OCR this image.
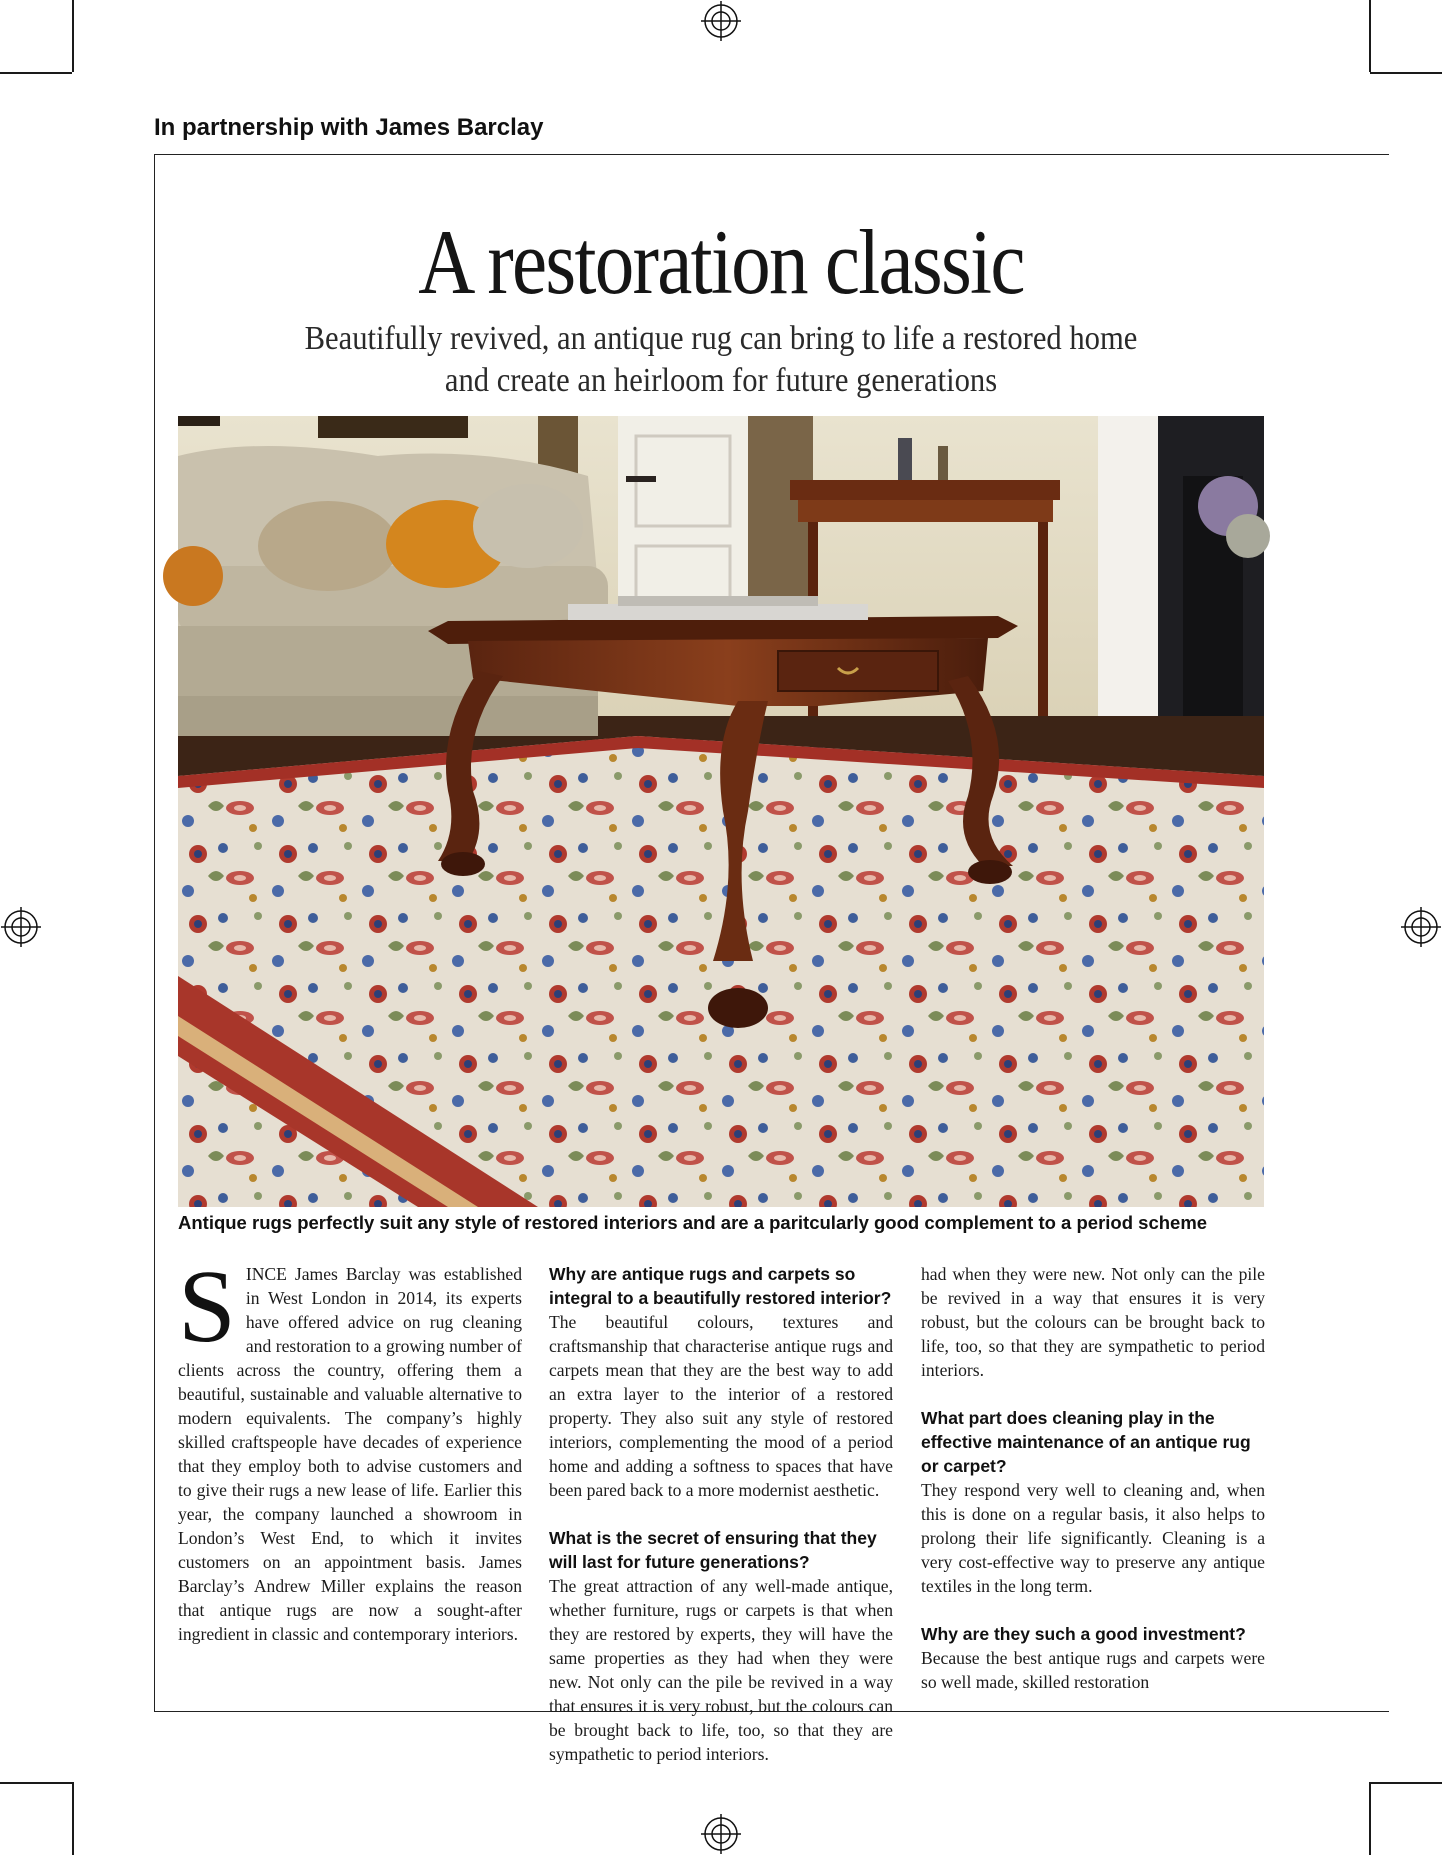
In partnership with James Barclay
A restoration classic
Beautifully revived, an antique rug can bring to life a restored home
and create an heirloom for future generations
Antique rugs perfectly suit any style of restored interiors and are a paritcularly good complement to a period scheme

SINCE James Barclay was established in West London in 2014, its experts have offered advice on rug cleaning and restoration to a growing number of clients across the country, offering them a beautiful, sustainable and valuable alternative to modern equivalents. The company’s highly skilled craftspeople have decades of experience that they employ both to advise customers and to give their rugs a new lease of life. Earlier this year, the company launched a showroom in London’s West End, to which it invites customers on an appointment basis. James Barclay’s Andrew Miller explains the reason that antique rugs are now a sought-after ingredient in classic and contemporary interiors.

Why are antique rugs and carpets so integral to a beautifully restored interior?

The beautiful colours, textures and craftsmanship that characterise antique rugs and carpets mean that they are the best way to add an extra layer to the interior of a restored property. They also suit any style of restored interiors, complementing the mood of a period home and adding a softness to spaces that have been pared back to a more modernist aesthetic.

What is the secret of ensuring that they will last for future generations?

The great attraction of any well-made antique, whether furniture, rugs or carpets is that when they are restored by experts, they will have the same properties as they had when they were new. Not only can the pile be revived in a way that ensures it is very robust, but the colours can be brought back to life, too, so that they are sympathetic to period interiors.

had when they were new. Not only can the pile be revived in a way that ensures it is very robust, but the colours can be brought back to life, too, so that they are sympathetic to period interiors.

What part does cleaning play in the effective maintenance of an antique rug or carpet?

They respond very well to cleaning and, when this is done on a regular basis, it also helps to prolong their life significantly. Cleaning is a very cost-effective way to preserve any antique textiles in the long term.

Why are they such a good investment?

Because the best antique rugs and carpets were so well made, skilled restoration
